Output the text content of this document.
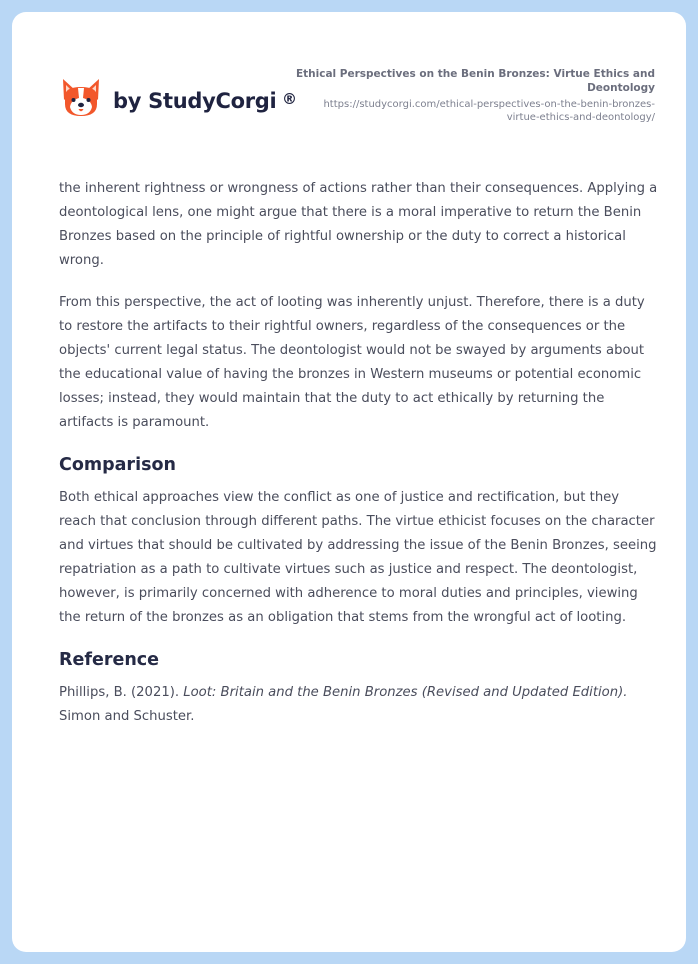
by StudyCorgi ®
Ethical Perspectives on the Benin Bronzes: Virtue Ethics and Deontology
https://studycorgi.com/ethical-perspectives-on-the-benin-bronzes-virtue-ethics-and-deontology/

the inherent rightness or wrongness of actions rather than their consequences. Applying a deontological lens, one might argue that there is a moral imperative to return the Benin Bronzes based on the principle of rightful ownership or the duty to correct a historical wrong.

From this perspective, the act of looting was inherently unjust. Therefore, there is a duty to restore the artifacts to their rightful owners, regardless of the consequences or the objects' current legal status. The deontologist would not be swayed by arguments about the educational value of having the bronzes in Western museums or potential economic losses; instead, they would maintain that the duty to act ethically by returning the artifacts is paramount.

Comparison

Both ethical approaches view the conflict as one of justice and rectification, but they reach that conclusion through different paths. The virtue ethicist focuses on the character and virtues that should be cultivated by addressing the issue of the Benin Bronzes, seeing repatriation as a path to cultivate virtues such as justice and respect. The deontologist, however, is primarily concerned with adherence to moral duties and principles, viewing the return of the bronzes as an obligation that stems from the wrongful act of looting.

Reference

Phillips, B. (2021). Loot: Britain and the Benin Bronzes (Revised and Updated Edition). Simon and Schuster.
